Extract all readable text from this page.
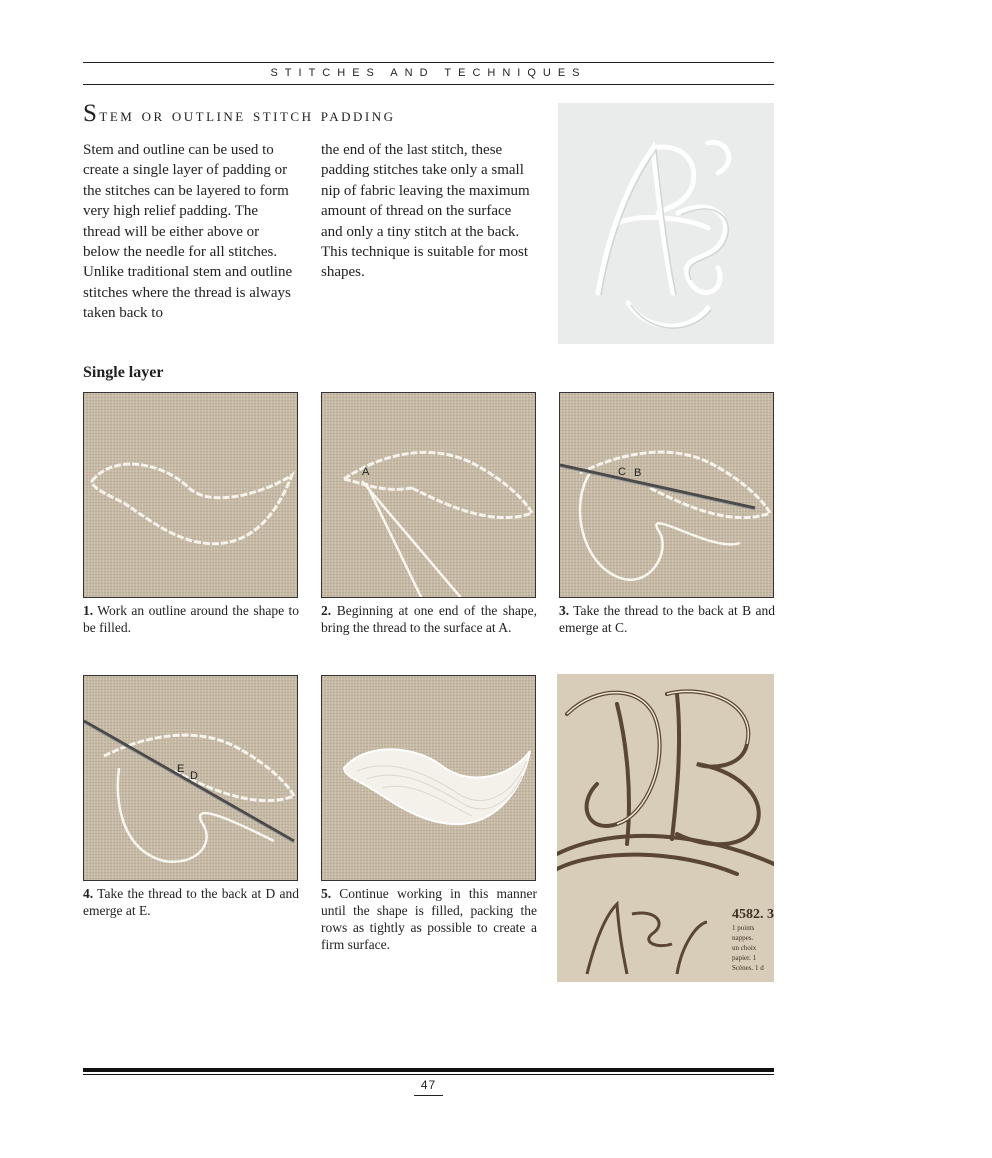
STITCHES AND TECHNIQUES
Stem or outline stitch padding

Stem and outline can be used to create a single layer of padding or the stitches can be layered to form very high relief padding. The thread will be either above or below the needle for all stitches. Unlike traditional stem and outline stitches where the thread is always taken back to

the end of the last stitch, these padding stitches take only a small nip of fabric leaving the maximum amount of thread on the surface and only a tiny stitch at the back. This technique is suitable for most shapes.

Single layer

1. Work an outline around the shape to be filled.

A

2. Beginning at one end of the shape, bring the thread to the surface at A.

C B

3. Take the thread to the back at B and emerge at C.

E
D

4. Take the thread to the back at D and emerge at E.

5. Continue working in this manner until the shape is filled, packing the rows as tightly as possible to create a firm surface.

4582. 3
1 points
nappes.
un choix
papier. 1
Scènes. 1 d
47
